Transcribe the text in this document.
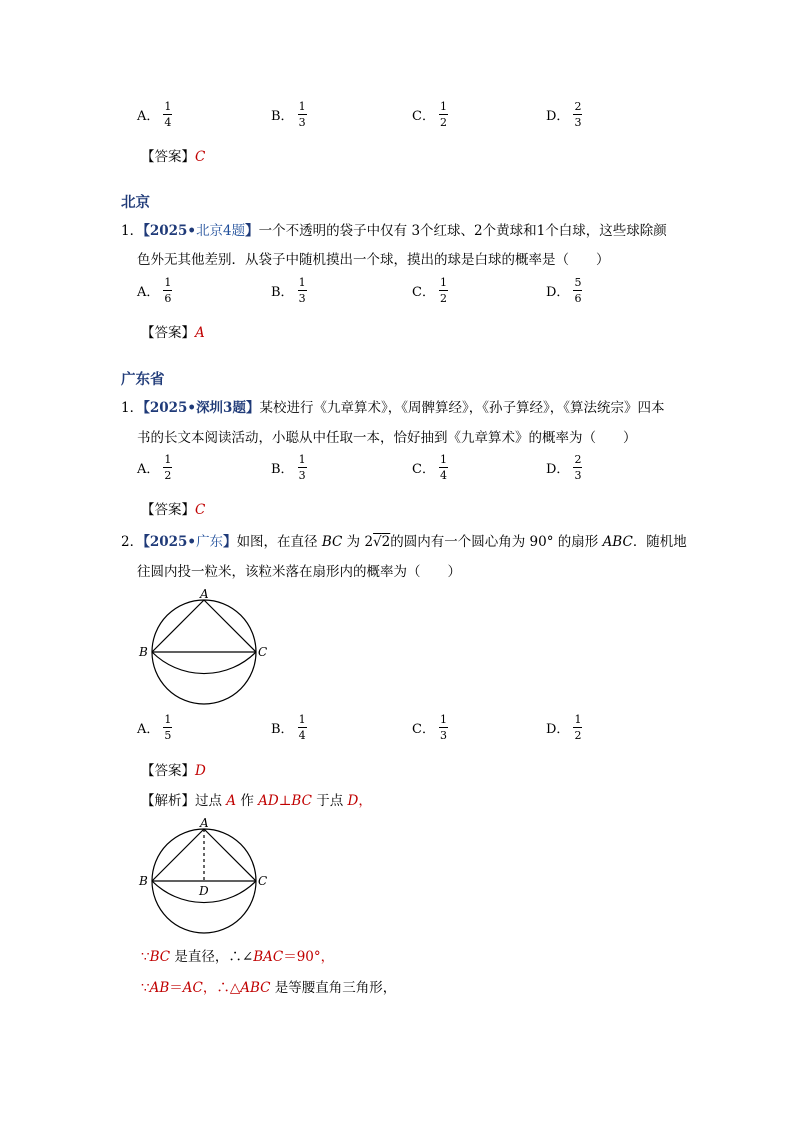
A． $\frac{1}{4}$	B． $\frac{1}{3}$	C． $\frac{1}{2}$	D． $\frac{2}{3}$
【答案】C
北京
1．【2025•北京4题】一个不透明的袋子中仅有 3个红球、2个黄球和1个白球，这些球除颜
色外无其他差别．从袋子中随机摸出一个球，摸出的球是白球的概率是（　　）
A． $\frac{1}{6}$	B． $\frac{1}{3}$	C． $\frac{1}{2}$	D． $\frac{5}{6}$
【答案】A
广东省
1．【2025•深圳3题】某校进行《九章算术》，《周髀算经》，《孙子算经》，《算法统宗》四本
书的长文本阅读活动，小聪从中任取一本，恰好抽到《九章算术》的概率为（　　）
A． $\frac{1}{2}$	B． $\frac{1}{3}$	C． $\frac{1}{4}$	D． $\frac{2}{3}$
【答案】C
2．【2025•广东】如图，在直径 BC 为 2√2的圆内有一个圆心角为 90° 的扇形 ABC．随机地
往圆内投一粒米，该粒米落在扇形内的概率为（　　）
A
B	C
A． $\frac{1}{5}$	B． $\frac{1}{4}$	C． $\frac{1}{3}$	D． $\frac{1}{2}$
【答案】D
【解析】过点 A 作 AD⊥BC 于点 D，
A
B	C
D
∵BC 是直径，∴∠BAC＝90°，
∵AB＝AC，∴△ABC 是等腰直角三角形，
